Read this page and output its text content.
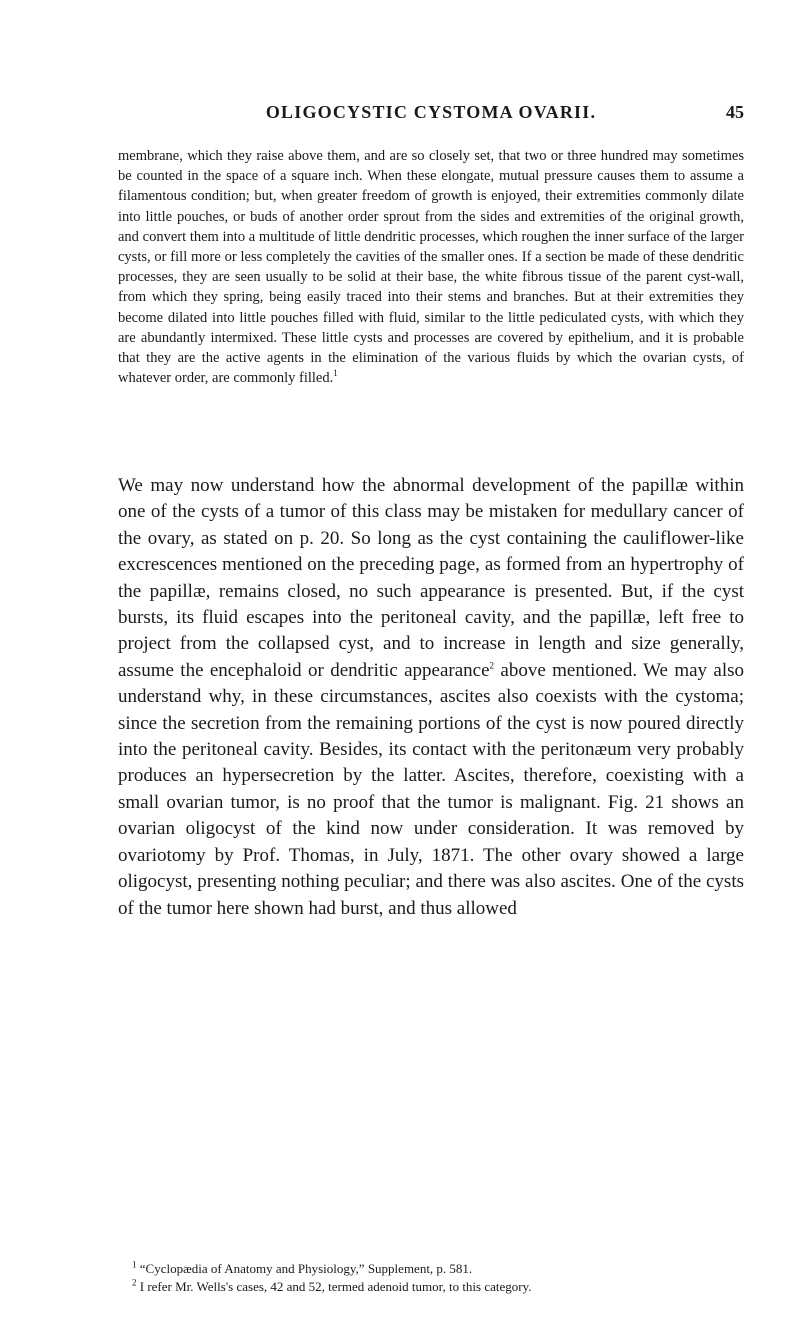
OLIGOCYSTIC CYSTOMA OVARII.	45

membrane, which they raise above them, and are so closely set, that two or three hundred may sometimes be counted in the space of a square inch. When these elongate, mutual pressure causes them to assume a filamentous condition; but, when greater freedom of growth is enjoyed, their extremities commonly dilate into little pouches, or buds of another order sprout from the sides and extremities of the original growth, and convert them into a multitude of little dendritic processes, which roughen the inner surface of the larger cysts, or fill more or less completely the cavities of the smaller ones. If a section be made of these dendritic processes, they are seen usually to be solid at their base, the white fibrous tissue of the parent cyst-wall, from which they spring, being easily traced into their stems and branches. But at their extremities they become dilated into little pouches filled with fluid, similar to the little pediculated cysts, with which they are abundantly intermixed. These little cysts and processes are covered by epithelium, and it is probable that they are the active agents in the elimination of the various fluids by which the ovarian cysts, of whatever order, are commonly filled.$^1$

We may now understand how the abnormal development of the papillæ within one of the cysts of a tumor of this class may be mistaken for medullary cancer of the ovary, as stated on p. 20. So long as the cyst containing the cauliflower-like excrescences mentioned on the preceding page, as formed from an hypertrophy of the papillæ, remains closed, no such appearance is presented. But, if the cyst bursts, its fluid escapes into the peritoneal cavity, and the papillæ, left free to project from the collapsed cyst, and to increase in length and size generally, assume the encephaloid or dendritic appearance$^2$ above mentioned. We may also understand why, in these circumstances, ascites also coexists with the cystoma; since the secretion from the remaining portions of the cyst is now poured directly into the peritoneal cavity. Besides, its contact with the peritonæum very probably produces an hypersecretion by the latter. Ascites, therefore, coexisting with a small ovarian tumor, is no proof that the tumor is malignant. Fig. 21 shows an ovarian oligocyst of the kind now under consideration. It was removed by ovariotomy by Prof. Thomas, in July, 1871. The other ovary showed a large oligocyst, presenting nothing peculiar; and there was also ascites. One of the cysts of the tumor here shown had burst, and thus allowed

$^1$ “Cyclopædia of Anatomy and Physiology,” Supplement, p. 581.

$^2$ I refer Mr. Wells's cases, 42 and 52, termed adenoid tumor, to this category.
